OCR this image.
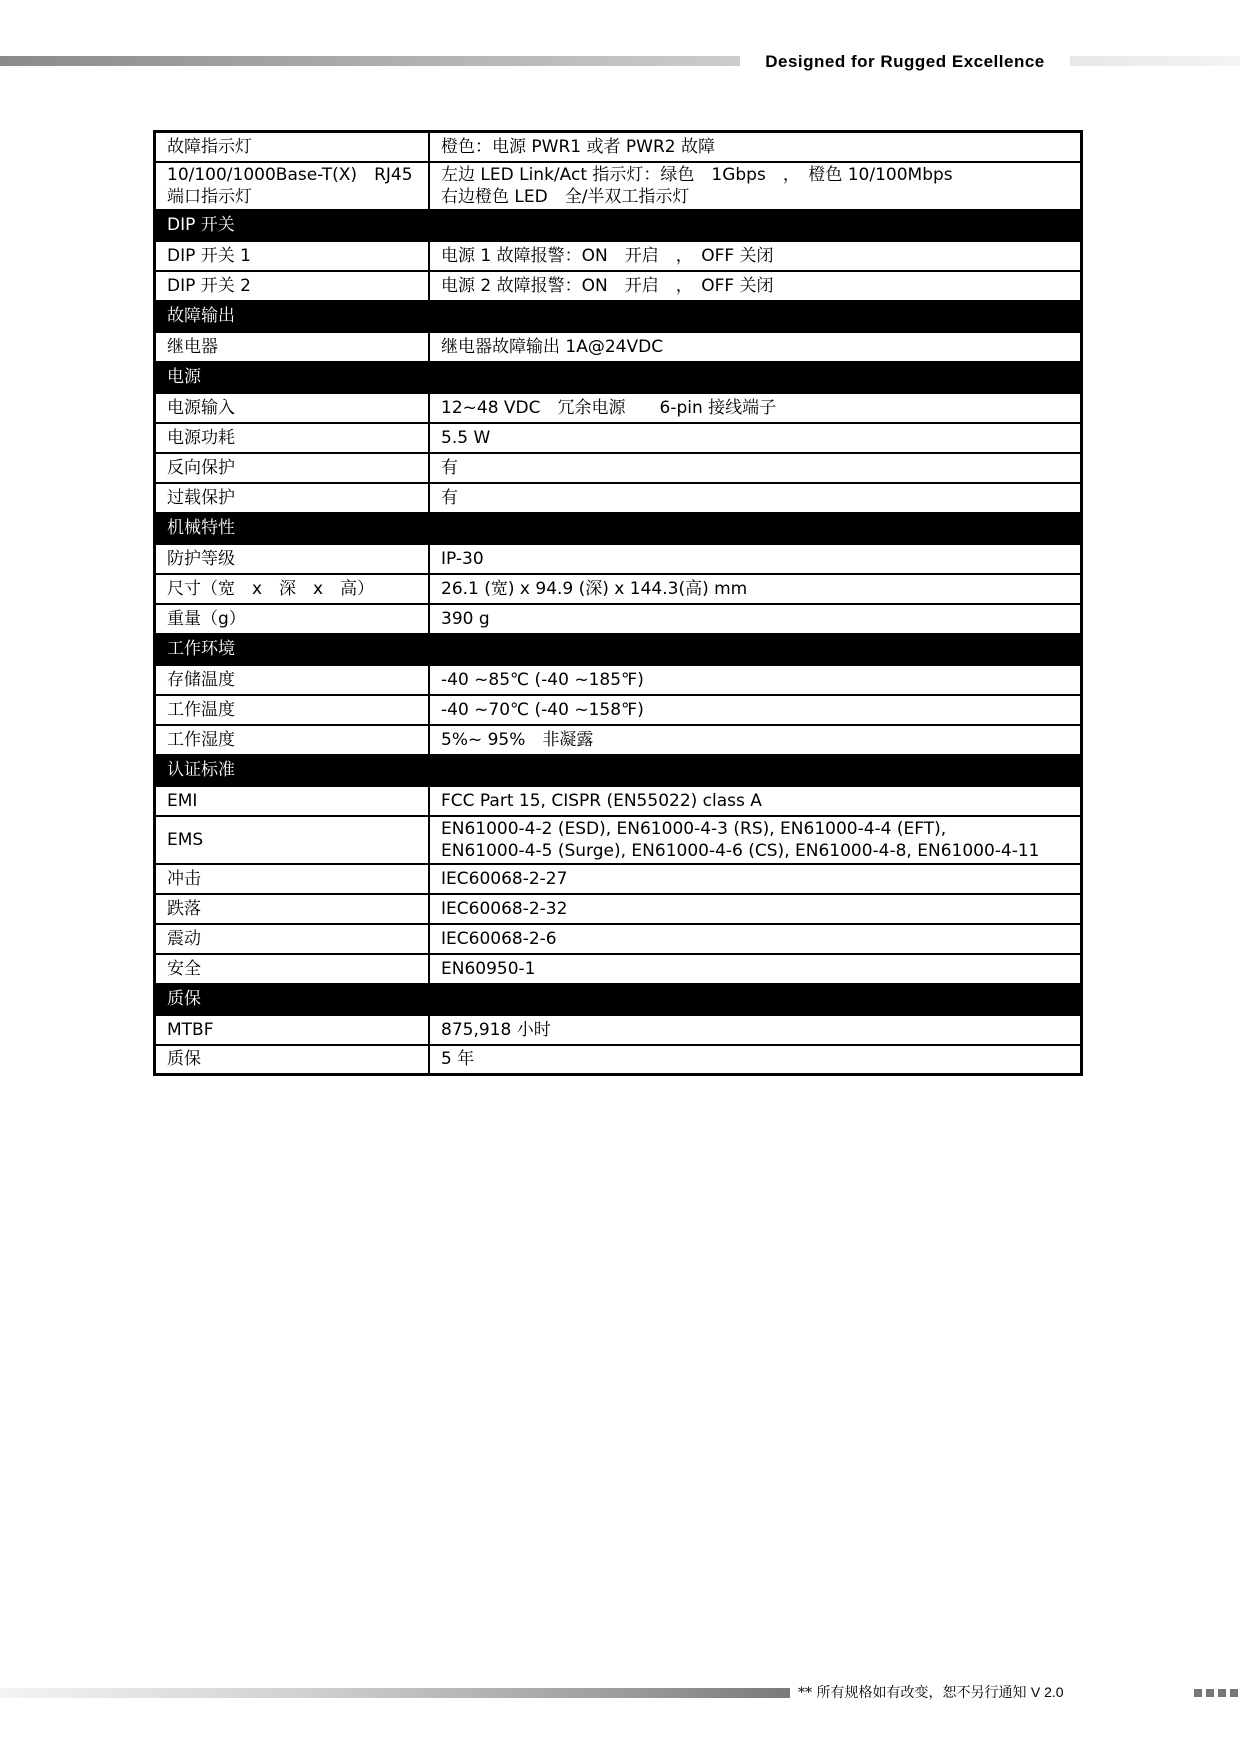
Designed for Rugged Excellence
故障指示灯	橙色：电源 PWR1 或者 PWR2 故障
10/100/1000Base-T(X)　RJ45 端口指示灯	左边 LED Link/Act 指示灯：绿色　1Gbps　，　橙色 10/100Mbps
右边橙色 LED　全/半双工指示灯
DIP 开关	
DIP 开关 1	电源 1 故障报警：ON　开启　，　OFF 关闭
DIP 开关 2	电源 2 故障报警：ON　开启　，　OFF 关闭
故障输出	
继电器	继电器故障输出 1A@24VDC
电源	
电源输入	12~48 VDC　冗余电源　　6-pin 接线端子
电源功耗	5.5 W
反向保护	有
过载保护	有
机械特性	
防护等级	IP-30
尺寸（宽　x　深　x　高）	26.1 (宽) x 94.9 (深) x 144.3(高) mm
重量（g）	390 g
工作环境	
存储温度	-40 ~85℃ (-40 ~185℉)
工作温度	-40 ~70℃ (-40 ~158℉)
工作湿度	5%~ 95%　非凝露
认证标准	
EMI	FCC Part 15, CISPR (EN55022) class A
EMS	EN61000-4-2 (ESD), EN61000-4-3 (RS), EN61000-4-4 (EFT),
EN61000-4-5 (Surge), EN61000-4-6 (CS), EN61000-4-8, EN61000-4-11
冲击	IEC60068-2-27
跌落	IEC60068-2-32
震动	IEC60068-2-6
安全	EN60950-1
质保	
MTBF	875,918 小时
质保	5 年
** 所有规格如有改变，恕不另行通知 V 2.0
